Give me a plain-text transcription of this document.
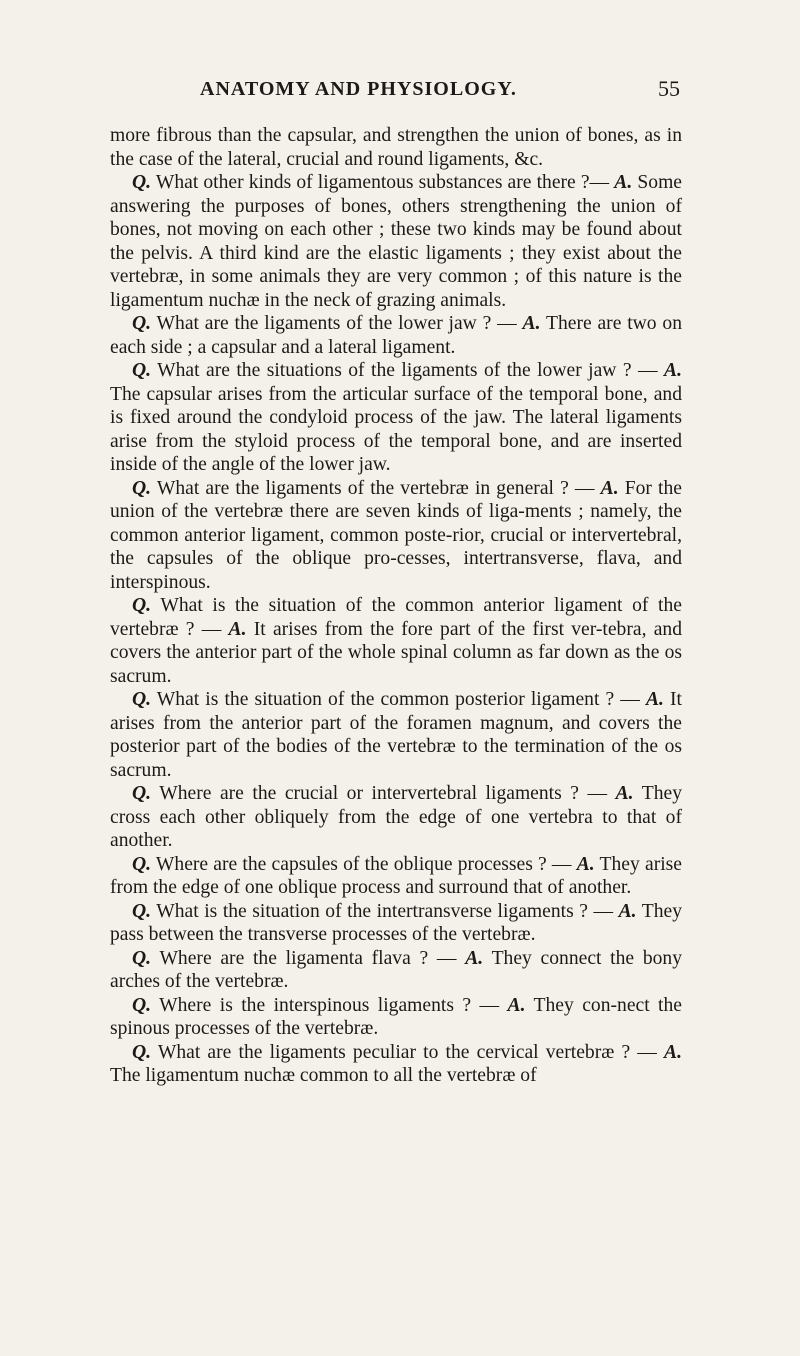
ANATOMY AND PHYSIOLOGY.	55

more fibrous than the capsular, and strengthen the union of bones, as in the case of the lateral, crucial and round ligaments, &c.

Q. What other kinds of ligamentous substances are there ?— A. Some answering the purposes of bones, others strengthening the union of bones, not moving on each other ; these two kinds may be found about the pelvis. A third kind are the elastic ligaments ; they exist about the vertebræ, in some animals they are very common ; of this nature is the ligamentum nuchæ in the neck of grazing animals.

Q. What are the ligaments of the lower jaw ? — A. There are two on each side ; a capsular and a lateral ligament.

Q. What are the situations of the ligaments of the lower jaw ? — A. The capsular arises from the articular surface of the temporal bone, and is fixed around the condyloid process of the jaw. The lateral ligaments arise from the styloid process of the temporal bone, and are inserted inside of the angle of the lower jaw.

Q. What are the ligaments of the vertebræ in general ? — A. For the union of the vertebræ there are seven kinds of liga-ments ; namely, the common anterior ligament, common poste-rior, crucial or intervertebral, the capsules of the oblique pro-cesses, intertransverse, flava, and interspinous.

Q. What is the situation of the common anterior ligament of the vertebræ ? — A. It arises from the fore part of the first ver-tebra, and covers the anterior part of the whole spinal column as far down as the os sacrum.

Q. What is the situation of the common posterior ligament ? — A. It arises from the anterior part of the foramen magnum, and covers the posterior part of the bodies of the vertebræ to the termination of the os sacrum.

Q. Where are the crucial or intervertebral ligaments ? — A. They cross each other obliquely from the edge of one vertebra to that of another.

Q. Where are the capsules of the oblique processes ? — A. They arise from the edge of one oblique process and surround that of another.

Q. What is the situation of the intertransverse ligaments ? — A. They pass between the transverse processes of the vertebræ.

Q. Where are the ligamenta flava ? — A. They connect the bony arches of the vertebræ.

Q. Where is the interspinous ligaments ? — A. They con-nect the spinous processes of the vertebræ.

Q. What are the ligaments peculiar to the cervical vertebræ ? — A. The ligamentum nuchæ common to all the vertebræ of
